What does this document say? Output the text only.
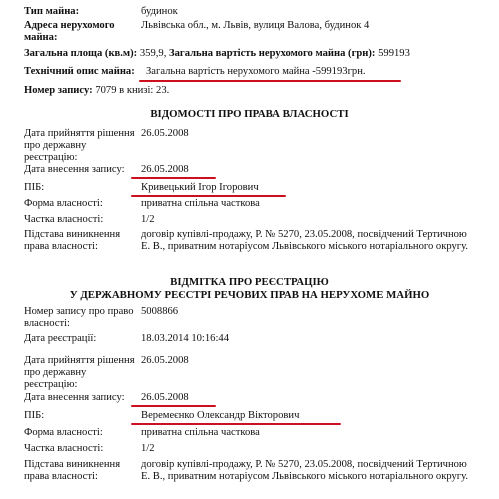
Тип майна:	будинок
Адреса нерухомого майна:
Львівська обл., м. Львів, вулиця Валова, будинок 4
Загальна площа (кв.м): 359,9, Загальна вартість нерухомого майна (грн): 599193
Технічний опис майна:	Загальна вартість нерухомого майна -599193грн.
Номер запису: 7079 в книзі: 23.
ВІДОМОСТІ ПРО ПРАВА ВЛАСНОСТІ
Дата прийняття рішення про державну реєстрацію:
26.05.2008
Дата внесення запису:	26.05.2008
ПІБ:	Кривецький Ігор Ігорович
Форма власності:	приватна спільна часткова
Частка власності:	1/2
Підстава виникнення права власності:
договір купівлі-продажу, Р. № 5270, 23.05.2008, посвідчений Тертичною Е. В., приватним нотаріусом Львівського міського нотаріального округу.
ВІДМІТКА ПРО РЕЄСТРАЦІЮ
У ДЕРЖАВНОМУ РЕЄСТРІ РЕЧОВИХ ПРАВ НА НЕРУХОМЕ МАЙНО
Номер запису про право власності:
5008866
Дата реєстрації:	18.03.2014 10:16:44
Дата прийняття рішення про державну реєстрацію:
26.05.2008
Дата внесення запису:	26.05.2008
ПІБ:	Веремеєнко Олександр Вікторович
Форма власності:	приватна спільна часткова
Частка власності:	1/2
Підстава виникнення права власності:
договір купівлі-продажу, Р. № 5270, 23.05.2008, посвідчений Тертичною Е. В., приватним нотаріусом Львівського міського нотаріального округу.
